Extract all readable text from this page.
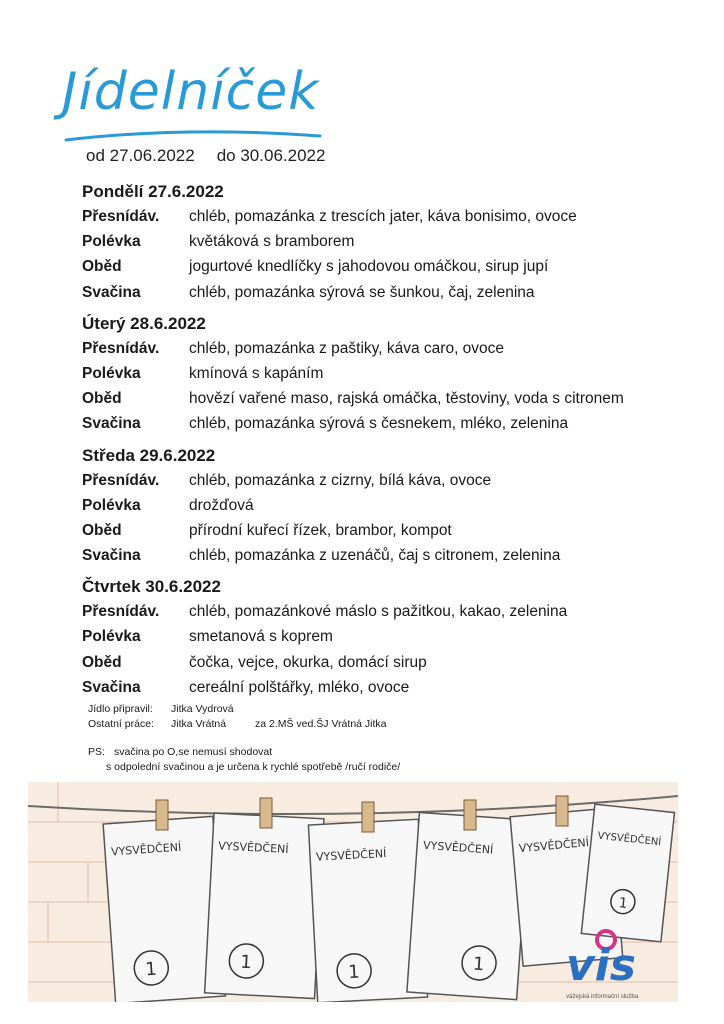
Jídelníček
od 27.06.2022 do 30.06.2022
Pondělí 27.6.2022
Přesnídáv.	chléb, pomazánka z trescích jater, káva bonisimo, ovoce
Polévka	květáková s bramborem
Oběd	jogurtové knedlíčky s jahodovou omáčkou, sirup jupí
Svačina	chléb, pomazánka sýrová se šunkou, čaj, zelenina
Úterý 28.6.2022
Přesnídáv.	chléb, pomazánka z paštiky, káva caro, ovoce
Polévka	kmínová s kapáním
Oběd	hovězí vařené maso, rajská omáčka, těstoviny, voda s citronem
Svačina	chléb, pomazánka sýrová s česnekem, mléko, zelenina
Středa 29.6.2022
Přesnídáv.	chléb, pomazánka z cizrny, bílá káva, ovoce
Polévka	drožďová
Oběd	přírodní kuřecí řízek, brambor, kompot
Svačina	chléb, pomazánka z uzenáčů, čaj s citronem, zelenina
Čtvrtek 30.6.2022
Přesnídáv.	chléb, pomazánkové máslo s pažitkou, kakao, zelenina
Polévka	smetanová s koprem
Oběd	čočka, vejce, okurka, domácí sirup
Svačina	cereální polštářky, mléko, ovoce
Jídlo připravil:	Jitka Vydrová
Ostatní práce:	Jitka Vrátná	za 2.MŠ ved.ŠJ Vrátná Jitka
PS: svačina po O,se nemusí shodovat
s odpolední svačinou a je určena k rychlé spotřebě /ručí rodiče/
VYSVĚDČENÍ
1
VYSVĚDČENÍ
1
VYSVĚDČENÍ
1
VYSVĚDČENÍ
1
VYSVĚDČENÍ VYSVĚDČENÍ
1
vis
vážejská informační služba
